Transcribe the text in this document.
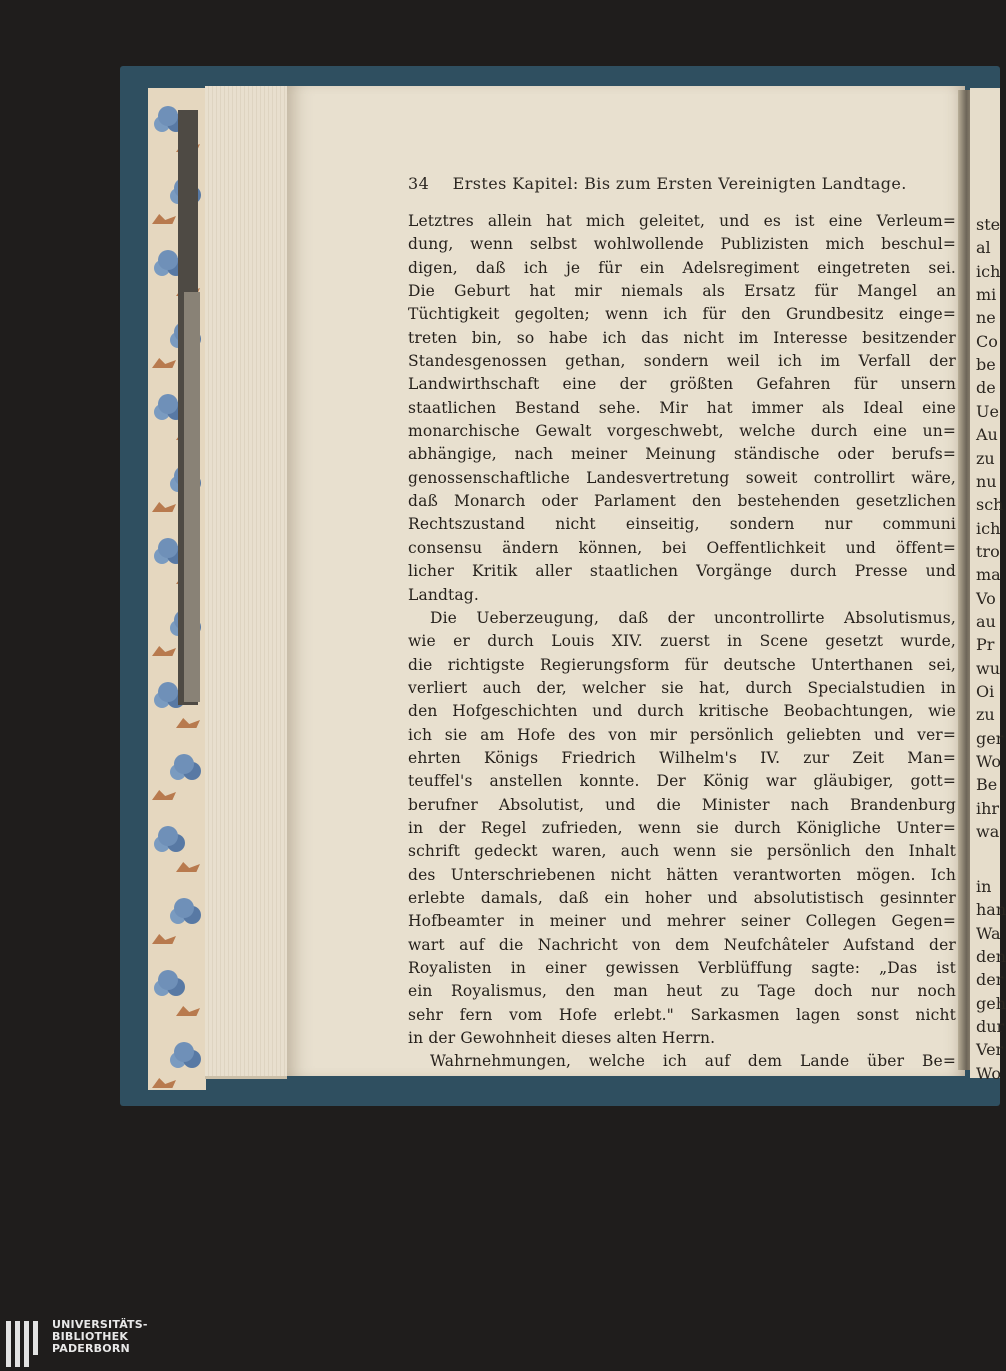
ste
al
ich
mi
ne
Co
be
de
Ue
Au
zu
nu
sch
ich
tro
ma
Vo
au
Pr
wu
Oi
zu
ger
Wo
Be
ihr
wa
in
han
Wa
den
der
geh
dur
Ver
Wo
34 Erstes Kapitel: Bis zum Ersten Vereinigten Landtage.
Letztres allein hat mich geleitet, und es ist eine Verleum=
dung, wenn selbst wohlwollende Publizisten mich beschul=
digen, daß ich je für ein Adelsregiment eingetreten sei.
Die Geburt hat mir niemals als Ersatz für Mangel an
Tüchtigkeit gegolten; wenn ich für den Grundbesitz einge=
treten bin, so habe ich das nicht im Interesse besitzender
Standesgenossen gethan, sondern weil ich im Verfall der
Landwirthschaft eine der größten Gefahren für unsern
staatlichen Bestand sehe. Mir hat immer als Ideal eine
monarchische Gewalt vorgeschwebt, welche durch eine un=
abhängige, nach meiner Meinung ständische oder berufs=
genossenschaftliche Landesvertretung soweit controllirt wäre,
daß Monarch oder Parlament den bestehenden gesetzlichen
Rechtszustand nicht einseitig, sondern nur communi
consensu ändern können, bei Oeffentlichkeit und öffent=
licher Kritik aller staatlichen Vorgänge durch Presse und
Landtag.
Die Ueberzeugung, daß der uncontrollirte Absolutismus,
wie er durch Louis XIV. zuerst in Scene gesetzt wurde,
die richtigste Regierungsform für deutsche Unterthanen sei,
verliert auch der, welcher sie hat, durch Specialstudien in
den Hofgeschichten und durch kritische Beobachtungen, wie
ich sie am Hofe des von mir persönlich geliebten und ver=
ehrten Königs Friedrich Wilhelm's IV. zur Zeit Man=
teuffel's anstellen konnte. Der König war gläubiger, gott=
berufner Absolutist, und die Minister nach Brandenburg
in der Regel zufrieden, wenn sie durch Königliche Unter=
schrift gedeckt waren, auch wenn sie persönlich den Inhalt
des Unterschriebenen nicht hätten verantworten mögen. Ich
erlebte damals, daß ein hoher und absolutistisch gesinnter
Hofbeamter in meiner und mehrer seiner Collegen Gegen=
wart auf die Nachricht von dem Neufchâteler Aufstand der
Royalisten in einer gewissen Verblüffung sagte: „Das ist
ein Royalismus, den man heut zu Tage doch nur noch
sehr fern vom Hofe erlebt." Sarkasmen lagen sonst nicht
in der Gewohnheit dieses alten Herrn.
Wahrnehmungen, welche ich auf dem Lande über Be=
UNIVERSITÄTS-
BIBLIOTHEK
PADERBORN
